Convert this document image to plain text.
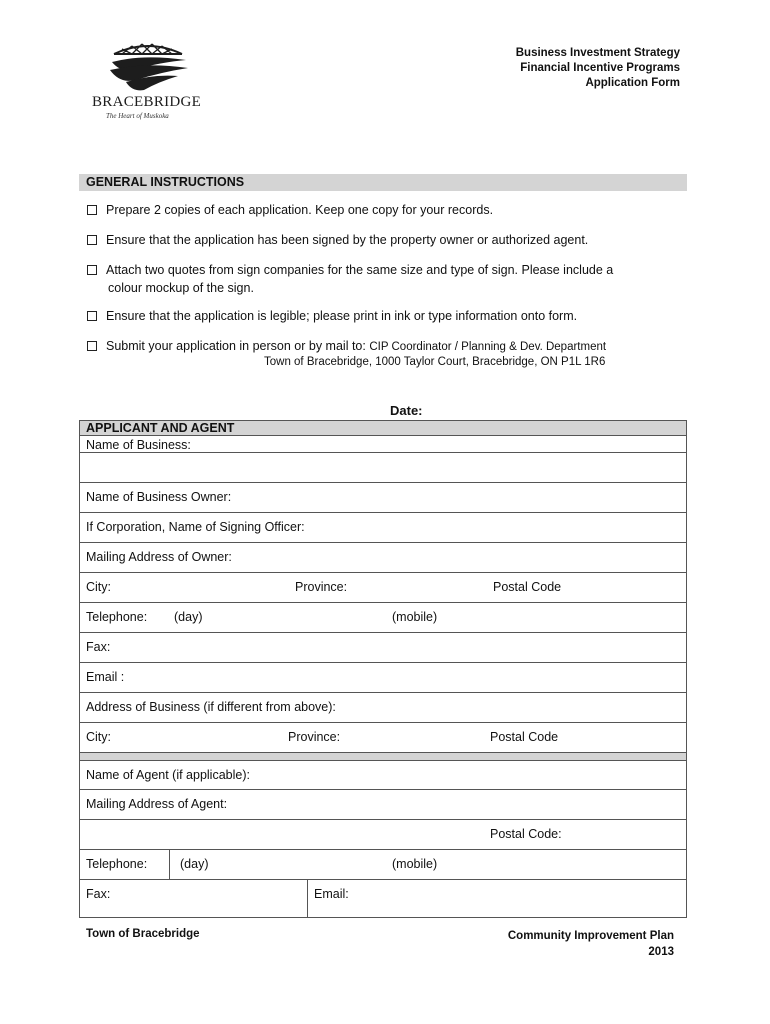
BRACEBRIDGE
The Heart of Muskoka
Business Investment Strategy
Financial Incentive Programs
Application Form
GENERAL INSTRUCTIONS
Prepare 2 copies of each application. Keep one copy for your records.
Ensure that the application has been signed by the property owner or authorized agent.
Attach two quotes from sign companies for the same size and type of sign. Please include a
colour mockup of the sign.
Ensure that the application is legible; please print in ink or type information onto form.
Submit your application in person or by mail to: CIP Coordinator / Planning & Dev. Department
Town of Bracebridge, 1000 Taylor Court, Bracebridge, ON P1L 1R6
Date:
APPLICANT AND AGENT
Name of Business:
Name of Business Owner:
If Corporation, Name of Signing Officer:
Mailing Address of Owner:
City:	Province:	Postal Code
Telephone: (day)	(mobile)
Fax:
Email :
Address of Business (if different from above):
City:	Province:	Postal Code
Name of Agent (if applicable):
Mailing Address of Agent:
Postal Code:
Telephone:	(day)	(mobile)
Fax:	Email:
Town of Bracebridge	Community Improvement Plan
2013
